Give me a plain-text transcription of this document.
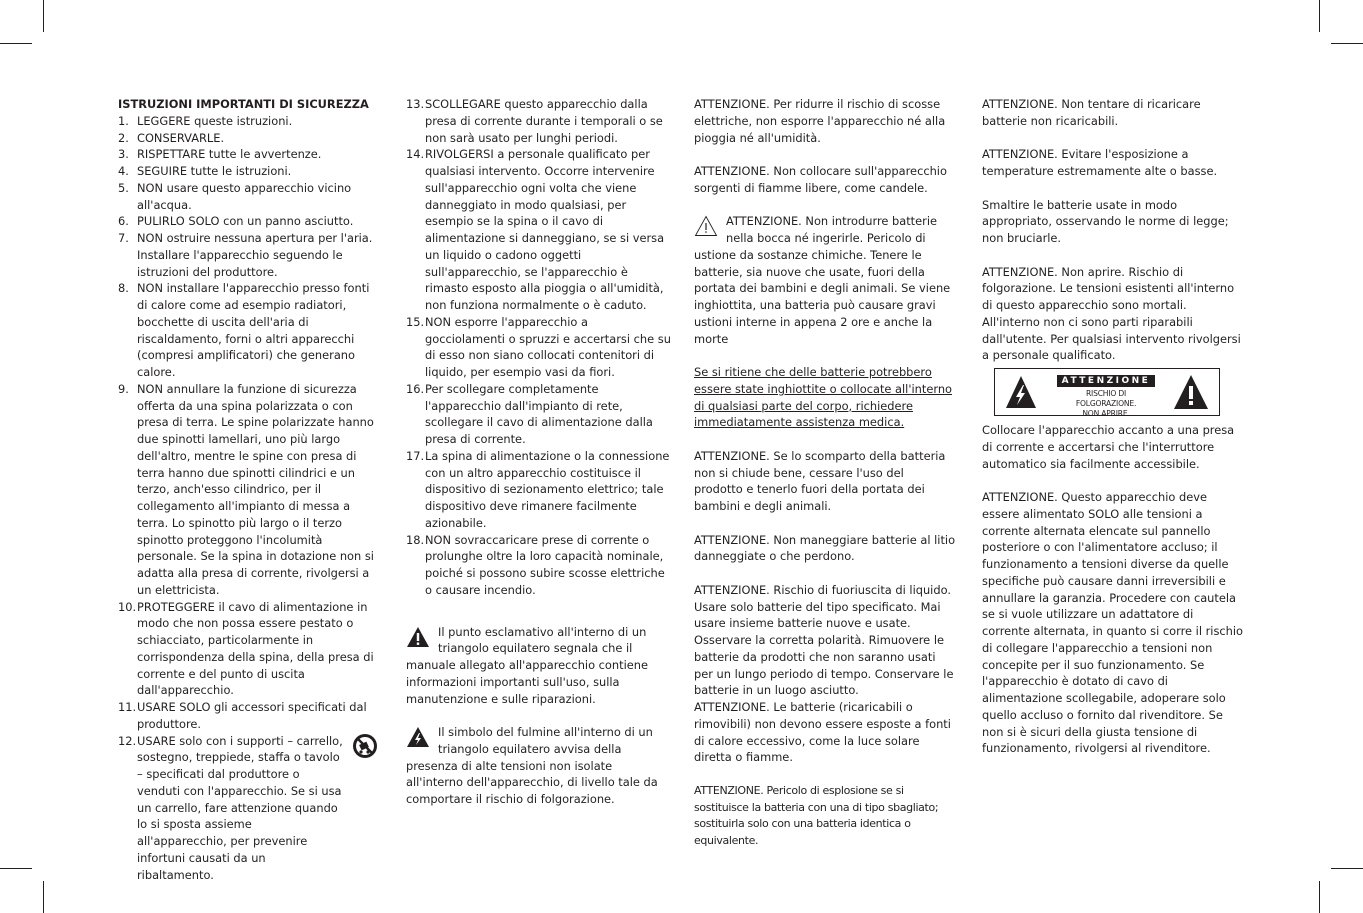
ISTRUZIONI IMPORTANTI DI SICUREZZA

1. LEGGERE queste istruzioni.
2. CONSERVARLE.
3. RISPETTARE tutte le avvertenze.
4. SEGUIRE tutte le istruzioni.
5. NON usare questo apparecchio vicino all'acqua.
6. PULIRLO SOLO con un panno asciutto.
7. NON ostruire nessuna apertura per l'aria. Installare l'apparecchio seguendo le istruzioni del produttore.
8. NON installare l'apparecchio presso fonti di calore come ad esempio radiatori, bocchette di uscita dell'aria di riscaldamento, forni o altri apparecchi (compresi amplificatori) che generano calore.
9. NON annullare la funzione di sicurezza offerta da una spina polarizzata o con presa di terra. Le spine polarizzate hanno due spinotti lamellari, uno più largo dell'altro, mentre le spine con presa di terra hanno due spinotti cilindrici e un terzo, anch'esso cilindrico, per il collegamento all'impianto di messa a terra. Lo spinotto più largo o il terzo spinotto proteggono l'incolumità personale. Se la spina in dotazione non si adatta alla presa di corrente, rivolgersi a un elettricista.
10. PROTEGGERE il cavo di alimentazione in modo che non possa essere pestato o schiacciato, particolarmente in corrispondenza della spina, della presa di corrente e del punto di uscita dall'apparecchio.
11. USARE SOLO gli accessori specificati dal produttore.
12. USARE solo con i supporti – carrello, sostegno, treppiede, staffa o tavolo – specificati dal produttore o venduti con l'apparecchio. Se si usa un carrello, fare attenzione quando lo si sposta assieme all'apparecchio, per prevenire infortuni causati da un ribaltamento.
13. SCOLLEGARE questo apparecchio dalla presa di corrente durante i temporali o se non sarà usato per lunghi periodi.
14. RIVOLGERSI a personale qualificato per qualsiasi intervento. Occorre intervenire sull'apparecchio ogni volta che viene danneggiato in modo qualsiasi, per esempio se la spina o il cavo di alimentazione si danneggiano, se si versa un liquido o cadono oggetti sull'apparecchio, se l'apparecchio è rimasto esposto alla pioggia o all'umidità, non funziona normalmente o è caduto.
15. NON esporre l'apparecchio a gocciolamenti o spruzzi e accertarsi che su di esso non siano collocati contenitori di liquido, per esempio vasi da fiori.
16. Per scollegare completamente l'apparecchio dall'impianto di rete, scollegare il cavo di alimentazione dalla presa di corrente.
17. La spina di alimentazione o la connessione con un altro apparecchio costituisce il dispositivo di sezionamento elettrico; tale dispositivo deve rimanere facilmente azionabile.
18. NON sovraccaricare prese di corrente o prolunghe oltre la loro capacità nominale, poiché si possono subire scosse elettriche o causare incendio.
Il punto esclamativo all'interno di un triangolo equilatero segnala che il manuale allegato all'apparecchio contiene informazioni importanti sull'uso, sulla manutenzione e sulle riparazioni.
Il simbolo del fulmine all'interno di un triangolo equilatero avvisa della presenza di alte tensioni non isolate all'interno dell'apparecchio, di livello tale da comportare il rischio di folgorazione.

ATTENZIONE. Per ridurre il rischio di scosse elettriche, non esporre l'apparecchio né alla pioggia né all'umidità.

ATTENZIONE. Non collocare sull'apparecchio sorgenti di fiamme libere, come candele.

ATTENZIONE. Non introdurre batterie nella bocca né ingerirle. Pericolo di ustione da sostanze chimiche. Tenere le batterie, sia nuove che usate, fuori della portata dei bambini e degli animali. Se viene inghiottita, una batteria può causare gravi ustioni interne in appena 2 ore e anche la morte

Se si ritiene che delle batterie potrebbero essere state inghiottite o collocate all'interno di qualsiasi parte del corpo, richiedere immediatamente assistenza medica.

ATTENZIONE. Se lo scomparto della batteria non si chiude bene, cessare l'uso del prodotto e tenerlo fuori della portata dei bambini e degli animali.

ATTENZIONE. Non maneggiare batterie al litio danneggiate o che perdono.

ATTENZIONE. Rischio di fuoriuscita di liquido. Usare solo batterie del tipo specificato. Mai usare insieme batterie nuove e usate. Osservare la corretta polarità. Rimuovere le batterie da prodotti che non saranno usati per un lungo periodo di tempo. Conservare le batterie in un luogo asciutto.

ATTENZIONE. Le batterie (ricaricabili o rimovibili) non devono essere esposte a fonti di calore eccessivo, come la luce solare diretta o fiamme.

ATTENZIONE. Pericolo di esplosione se si sostituisce la batteria con una di tipo sbagliato; sostituirla solo con una batteria identica o equivalente.

ATTENZIONE. Non tentare di ricaricare batterie non ricaricabili.

ATTENZIONE. Evitare l'esposizione a temperature estremamente alte o basse.

Smaltire le batterie usate in modo appropriato, osservando le norme di legge; non bruciarle.

ATTENZIONE. Non aprire. Rischio di folgorazione. Le tensioni esistenti all'interno di questo apparecchio sono mortali. All'interno non ci sono parti riparabili dall'utente. Per qualsiasi intervento rivolgersi a personale qualificato.

ATTENZIONE
RISCHIO DI FOLGORAZIONE.
NON APRIRE.

Collocare l'apparecchio accanto a una presa di corrente e accertarsi che l'interruttore automatico sia facilmente accessibile.

ATTENZIONE. Questo apparecchio deve essere alimentato SOLO alle tensioni a corrente alternata elencate sul pannello posteriore o con l'alimentatore accluso; il funzionamento a tensioni diverse da quelle specifiche può causare danni irreversibili e annullare la garanzia. Procedere con cautela se si vuole utilizzare un adattatore di corrente alternata, in quanto si corre il rischio di collegare l'apparecchio a tensioni non concepite per il suo funzionamento. Se l'apparecchio è dotato di cavo di alimentazione scollegabile, adoperare solo quello accluso o fornito dal rivenditore. Se non si è sicuri della giusta tensione di funzionamento, rivolgersi al rivenditore.
